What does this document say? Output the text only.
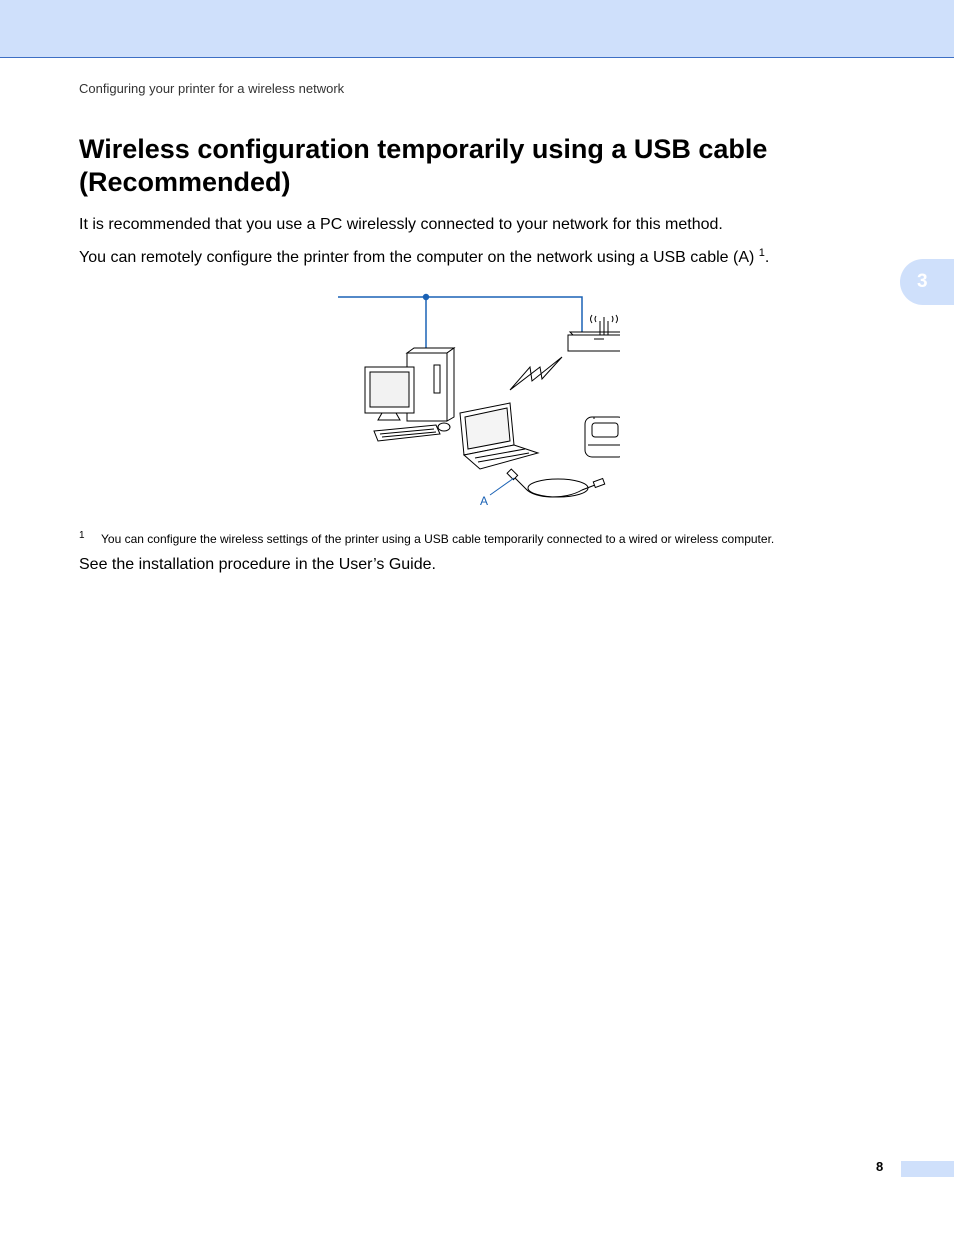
Configuring your printer for a wireless network
Wireless configuration temporarily using a USB cable (Recommended)

It is recommended that you use a PC wirelessly connected to your network for this method.

You can remotely configure the printer from the computer on the network using a USB cable (A) $^1$.

3
A
1 You can configure the wireless settings of the printer using a USB cable temporarily connected to a wired or wireless computer.

See the installation procedure in the User’s Guide.

8
